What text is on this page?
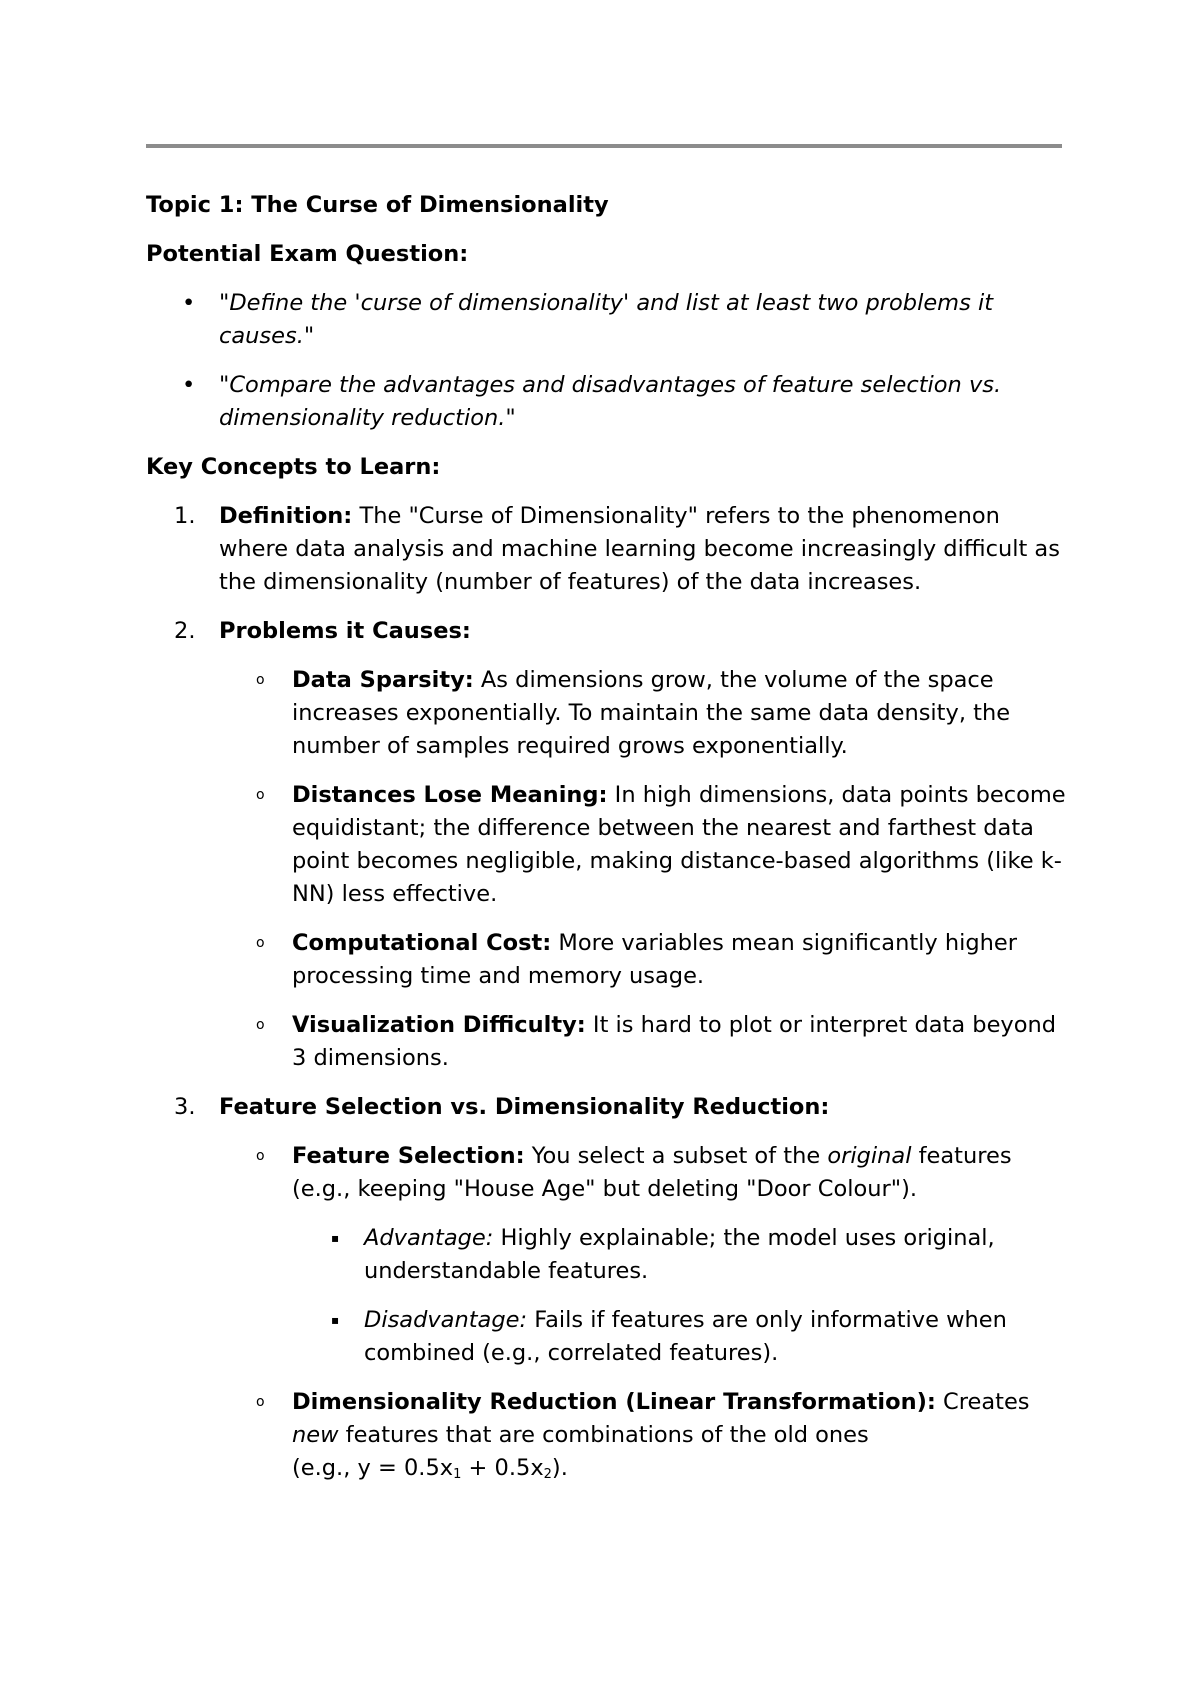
Topic 1: The Curse of Dimensionality
Potential Exam Question:
• "Define the 'curse of dimensionality' and list at least two problems it causes."
• "Compare the advantages and disadvantages of feature selection vs. dimensionality reduction."
Key Concepts to Learn:
1. Definition: The "Curse of Dimensionality" refers to the phenomenon where data analysis and machine learning become increasingly difficult as the dimensionality (number of features) of the data increases.
2. Problems it Causes:
o Data Sparsity: As dimensions grow, the volume of the space increases exponentially. To maintain the same data density, the number of samples required grows exponentially.
o Distances Lose Meaning: In high dimensions, data points become equidistant; the difference between the nearest and farthest data point becomes negligible, making distance-based algorithms (like k-NN) less effective.
o Computational Cost: More variables mean significantly higher processing time and memory usage.
o Visualization Difficulty: It is hard to plot or interpret data beyond 3 dimensions.
3. Feature Selection vs. Dimensionality Reduction:
o Feature Selection: You select a subset of the original features (e.g., keeping "House Age" but deleting "Door Colour").
▪ Advantage: Highly explainable; the model uses original, understandable features.
▪ Disadvantage: Fails if features are only informative when combined (e.g., correlated features).
o Dimensionality Reduction (Linear Transformation): Creates new features that are combinations of the old ones
(e.g., $y = 0.5x_1 + 0.5x_2$).
